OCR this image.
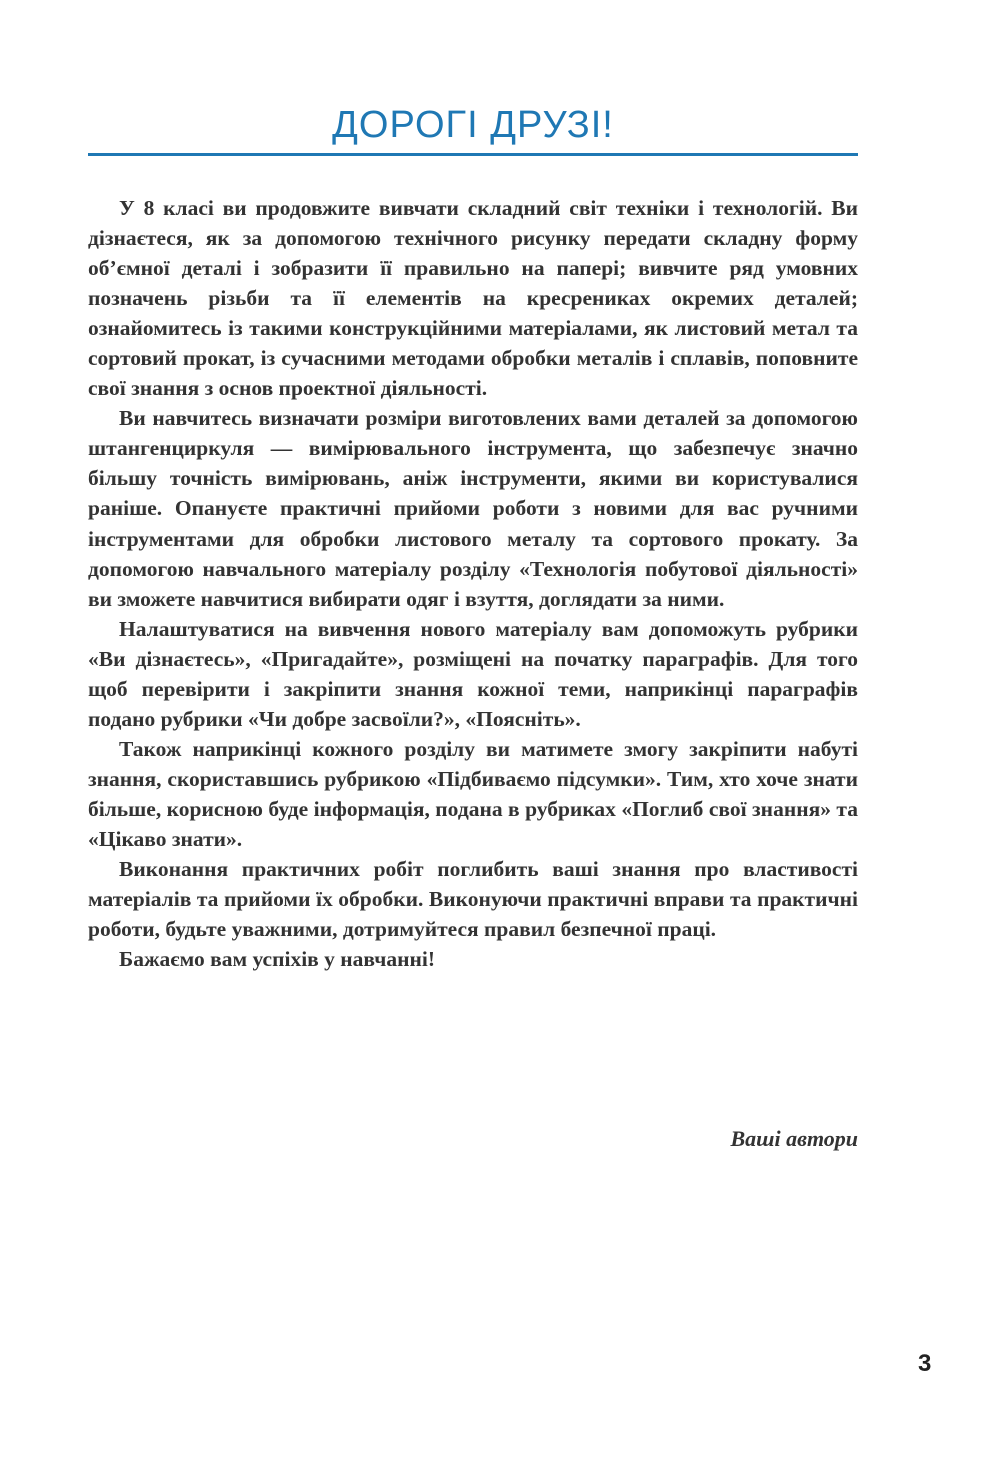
ДОРОГІ ДРУЗІ!

У 8 класі ви продовжите вивчати складний світ техніки і технологій. Ви дізнаєтеся, як за допомогою технічного рисунку передати складну форму об’ємної деталі і зобразити її правильно на папері; вивчите ряд умовних позначень різьби та її елементів на кресрениках окремих деталей; ознайомитесь із такими конструкційними матеріалами, як листовий метал та сортовий прокат, із сучасними методами обробки металів і сплавів, поповните свої знання з основ проектної діяльності.

Ви навчитесь визначати розміри виготовлених вами деталей за допомогою штангенциркуля — вимірювального інструмента, що забезпечує значно більшу точність вимірювань, аніж інструменти, якими ви користувалися раніше. Опануєте практичні прийоми роботи з новими для вас ручними інструментами для обробки листового металу та сортового прокату. За допомогою навчального матеріалу розділу «Технологія побутової діяльності» ви зможете навчитися вибирати одяг і взуття, доглядати за ними.

Налаштуватися на вивчення нового матеріалу вам допоможуть рубрики «Ви дізнаєтесь», «Пригадайте», розміщені на початку параграфів. Для того щоб перевірити і закріпити знання кожної теми, наприкінці параграфів подано рубрики «Чи добре засвоїли?», «Поясніть».

Також наприкінці кожного розділу ви матимете змогу закріпити набуті знання, скориставшись рубрикою «Підбиваємо підсумки». Тим, хто хоче знати більше, корисною буде інформація, подана в рубриках «Поглиб свої знання» та «Цікаво знати».

Виконання практичних робіт поглибить ваші знання про властивості матеріалів та прийоми їх обробки. Виконуючи практичні вправи та практичні роботи, будьте уважними, дотримуйтеся правил безпечної праці.

Бажаємо вам успіхів у навчанні!

Ваші автори
3
